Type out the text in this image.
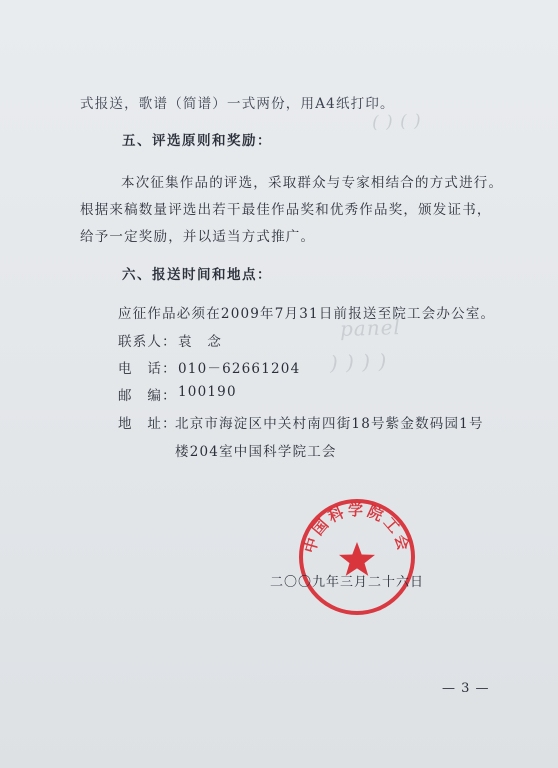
( ) ( )
panel
) ) ) )
式报送，歌谱（简谱）一式两份，用A4纸打印。
五、评选原则和奖励：
本次征集作品的评选，采取群众与专家相结合的方式进行。
根据来稿数量评选出若干最佳作品奖和优秀作品奖，颁发证书，
给予一定奖励，并以适当方式推广。
六、报送时间和地点：
应征作品必须在2009年7月31日前报送至院工会办公室。
联系人： 袁　念
电　话： 010－62661204
邮　编： 100190
地　址：
北京市海淀区中关村南四街18号紫金数码园1号
楼204室中国科学院工会
中国科学院工会
二〇〇九年三月二十六日
— 3 —
